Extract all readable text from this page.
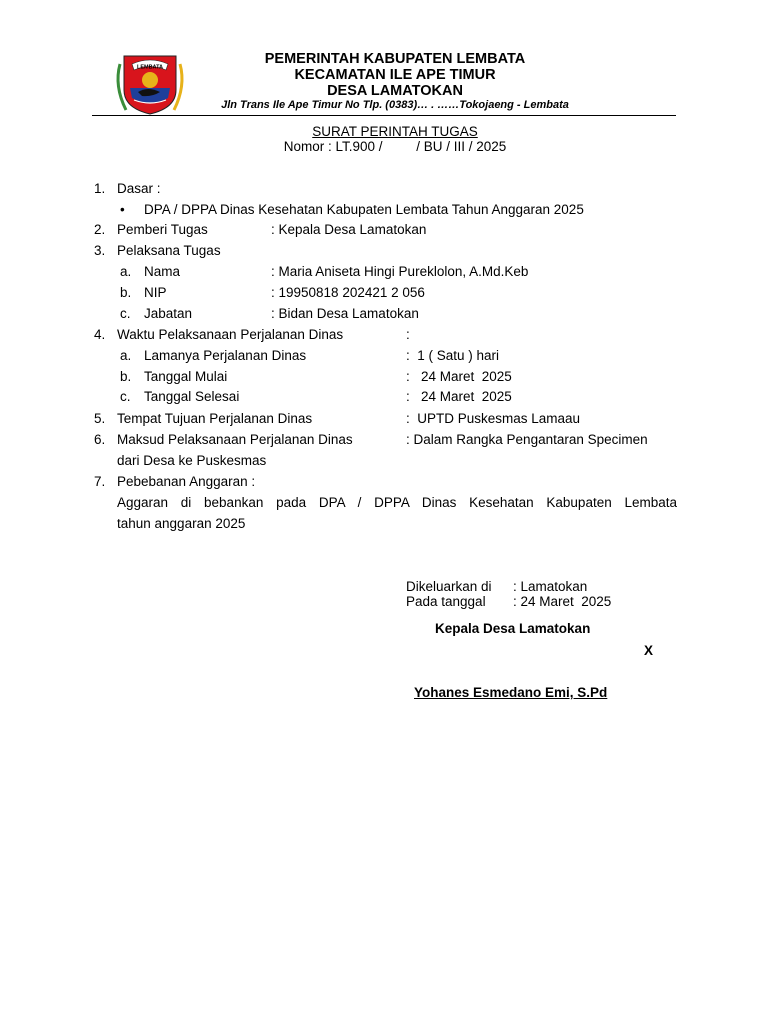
LEMBATA
PEMERINTAH KABUPATEN LEMBATA
KECAMATAN ILE APE TIMUR
DESA LAMATOKAN
Jln Trans Ile Ape Timur No Tlp. (0383)… . ……Tokojaeng - Lembata
SURAT PERINTAH TUGAS
Nomor : LT.900 /         / BU / III / 2025
1. Dasar :
• DPA / DPPA Dinas Kesehatan Kabupaten Lembata Tahun Anggaran 2025
2. Pemberi Tugas	: Kepala Desa Lamatokan
3. Pelaksana Tugas
a. Nama	: Maria Aniseta Hingi Pureklolon, A.Md.Keb
b. NIP	: 19950818 202421 2 056
c. Jabatan	: Bidan Desa Lamatokan
4. Waktu Pelaksanaan Perjalanan Dinas	:
a. Lamanya Perjalanan Dinas	:  1 ( Satu ) hari
b. Tanggal Mulai	:   24 Maret  2025
c. Tanggal Selesai	:   24 Maret  2025
5. Tempat Tujuan Perjalanan Dinas	:  UPTD Puskesmas Lamaau
6. Maksud Pelaksanaan Perjalanan Dinas	: Dalam Rangka Pengantaran Specimen
dari Desa ke Puskesmas
7. Pebebanan Anggaran :
Aggaran di bebankan pada DPA / DPPA Dinas Kesehatan Kabupaten Lembata
tahun anggaran 2025
Dikeluarkan di : Lamatokan
Pada tanggal : 24 Maret  2025
Kepala Desa Lamatokan
X
Yohanes Esmedano Emi, S.Pd
